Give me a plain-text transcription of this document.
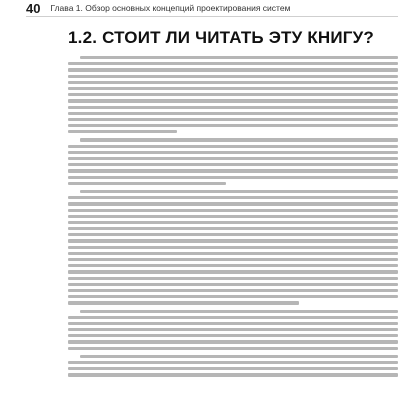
40 Глава 1. Обзор основных концепций проектирования систем
1.2. СТОИТ ЛИ ЧИТАТЬ ЭТУ КНИГУ?
